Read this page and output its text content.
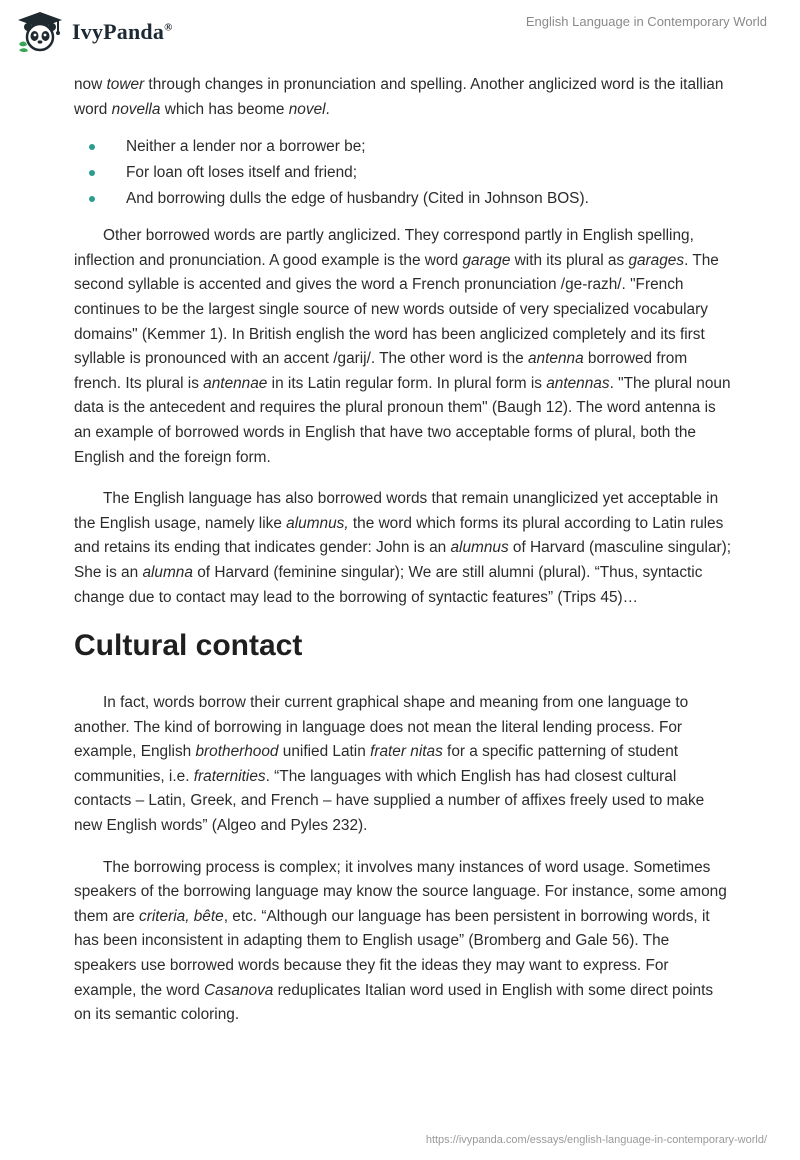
IvyPanda®	English Language in Contemporary World

now tower through changes in pronunciation and spelling. Another anglicized word is the itallian word novella which has beome novel.

Neither a lender nor a borrower be;
For loan oft loses itself and friend;
And borrowing dulls the edge of husbandry (Cited in Johnson BOS).

Other borrowed words are partly anglicized. They correspond partly in English spelling, inflection and pronunciation. A good example is the word garage with its plural as garages. The second syllable is accented and gives the word a French pronunciation /ge-razh/. "French continues to be the largest single source of new words outside of very specialized vocabulary domains" (Kemmer 1). In British english the word has been anglicized completely and its first syllable is pronounced with an accent /garij/. The other word is the antenna borrowed from french. Its plural is antennae in its Latin regular form. In plural form is antennas. "The plural noun data is the antecedent and requires the plural pronoun them" (Baugh 12). The word antenna is an example of borrowed words in English that have two acceptable forms of plural, both the English and the foreign form.

The English language has also borrowed words that remain unanglicized yet acceptable in the English usage, namely like alumnus, the word which forms its plural according to Latin rules and retains its ending that indicates gender: John is an alumnus of Harvard (masculine singular); She is an alumna of Harvard (feminine singular); We are still alumni (plural). “Thus, syntactic change due to contact may lead to the borrowing of syntactic features” (Trips 45)…

Cultural contact

In fact, words borrow their current graphical shape and meaning from one language to another. The kind of borrowing in language does not mean the literal lending process. For example, English brotherhood unified Latin frater nitas for a specific patterning of student communities, i.e. fraternities. “The languages with which English has had closest cultural contacts – Latin, Greek, and French – have supplied a number of affixes freely used to make new English words” (Algeo and Pyles 232).

The borrowing process is complex; it involves many instances of word usage. Sometimes speakers of the borrowing language may know the source language. For instance, some among them are criteria, bête, etc. “Although our language has been persistent in borrowing words, it has been inconsistent in adapting them to English usage” (Bromberg and Gale 56). The speakers use borrowed words because they fit the ideas they may want to express. For example, the word Casanova reduplicates Italian word used in English with some direct points on its semantic coloring.

https://ivypanda.com/essays/english-language-in-contemporary-world/
